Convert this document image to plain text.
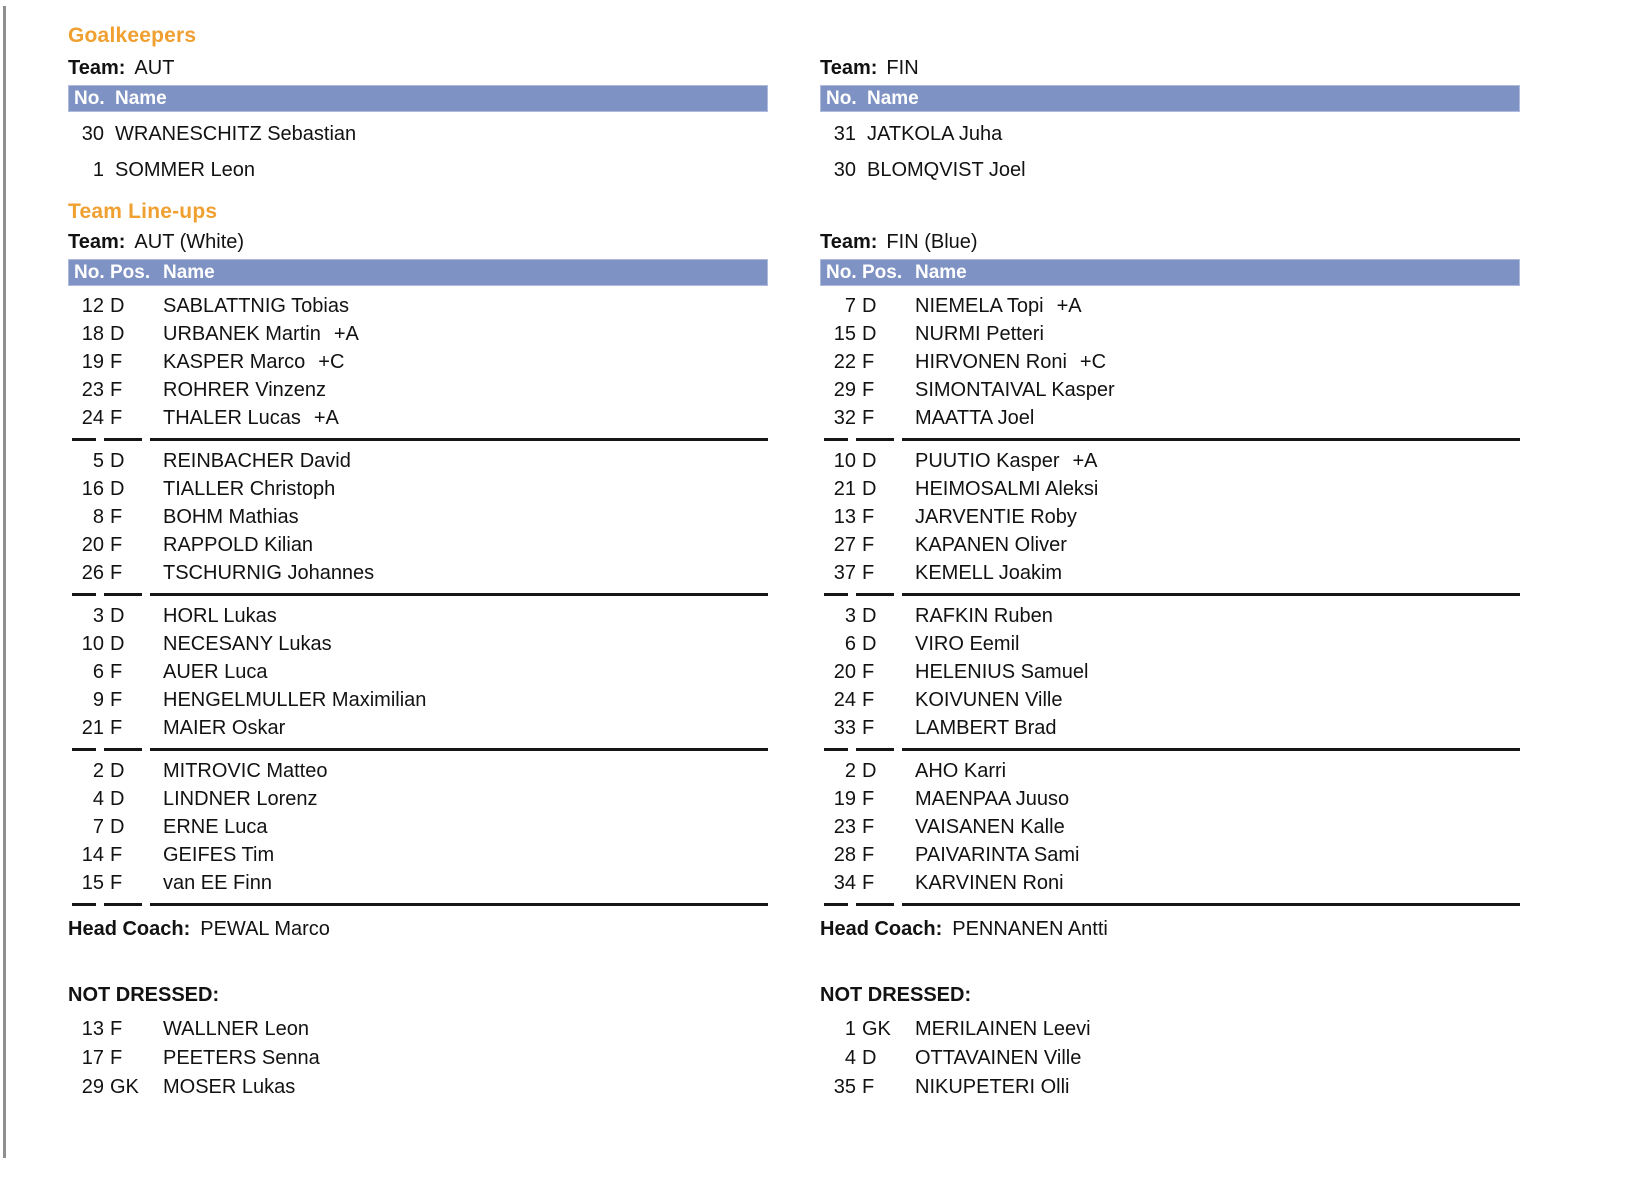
Goalkeepers
Team: AUT
No. Name
30 WRANESCHITZ Sebastian
1 SOMMER Leon
Team: FIN
No. Name
31 JATKOLA Juha
30 BLOMQVIST Joel
Team Line-ups
Team: AUT (White)
No. Pos. Name
12 D	SABLATTNIG Tobias
18 D	URBANEK Martin +A
19 F	KASPER Marco +C
23 F	ROHRER Vinzenz
24 F	THALER Lucas +A
5 D	REINBACHER David
16 D	TIALLER Christoph
8 F	BOHM Mathias
20 F	RAPPOLD Kilian
26 F	TSCHURNIG Johannes
3 D	HORL Lukas
10 D	NECESANY Lukas
6 F	AUER Luca
9 F	HENGELMULLER Maximilian
21 F	MAIER Oskar
2 D	MITROVIC Matteo
4 D	LINDNER Lorenz
7 D	ERNE Luca
14 F	GEIFES Tim
15 F	van EE Finn
Head Coach: PEWAL Marco
NOT DRESSED:
13 F	WALLNER Leon
17 F	PEETERS Senna
29 GK	MOSER Lukas
Team: FIN (Blue)
No. Pos. Name
7 D	NIEMELA Topi +A
15 D	NURMI Petteri
22 F	HIRVONEN Roni +C
29 F	SIMONTAIVAL Kasper
32 F	MAATTA Joel
10 D	PUUTIO Kasper +A
21 D	HEIMOSALMI Aleksi
13 F	JARVENTIE Roby
27 F	KAPANEN Oliver
37 F	KEMELL Joakim
3 D	RAFKIN Ruben
6 D	VIRO Eemil
20 F	HELENIUS Samuel
24 F	KOIVUNEN Ville
33 F	LAMBERT Brad
2 D	AHO Karri
19 F	MAENPAA Juuso
23 F	VAISANEN Kalle
28 F	PAIVARINTA Sami
34 F	KARVINEN Roni
Head Coach: PENNANEN Antti
NOT DRESSED:
1 GK	MERILAINEN Leevi
4 D	OTTAVAINEN Ville
35 F	NIKUPETERI Olli
